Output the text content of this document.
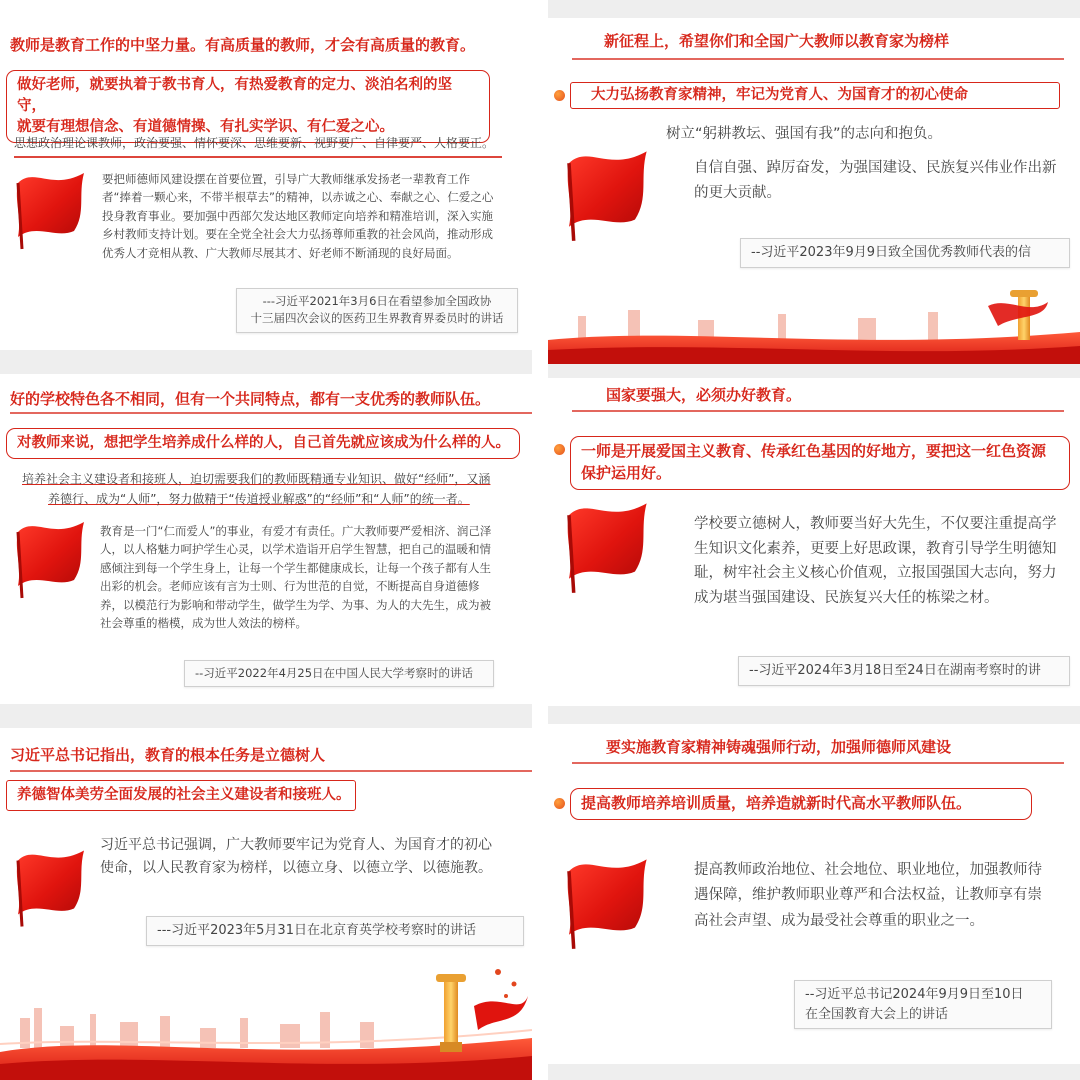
教师是教育工作的中坚力量。有高质量的教师，才会有高质量的教育。
做好老师，就要执着于教书育人，有热爱教育的定力、淡泊名利的坚守，
就要有理想信念、有道德情操、有扎实学识、有仁爱之心。
思想政治理论课教师，政治要强、情怀要深、思维要新、视野要广、自律要严、人格要正。
要把师德师风建设摆在首要位置，引导广大教师继承发扬老一辈教育工作者“捧着一颗心来，不带半根草去”的精神，以赤诚之心、奉献之心、仁爱之心投身教育事业。要加强中西部欠发达地区教师定向培养和精准培训，深入实施乡村教师支持计划。要在全党全社会大力弘扬尊师重教的社会风尚，推动形成优秀人才竞相从教、广大教师尽展其才、好老师不断涌现的良好局面。
---习近平2021年3月6日在看望参加全国政协
十三届四次会议的医药卫生界教育界委员时的讲话
好的学校特色各不相同，但有一个共同特点，都有一支优秀的教师队伍。
对教师来说，想把学生培养成什么样的人，自己首先就应该成为什么样的人。
培养社会主义建设者和接班人，迫切需要我们的教师既精通专业知识、做好“经师”，又涵
养德行、成为“人师”，努力做精于“传道授业解惑”的“经师”和“人师”的统一者。
教育是一门“仁而爱人”的事业，有爱才有责任。广大教师要严爱相济、润己泽人，以人格魅力呵护学生心灵，以学术造诣开启学生智慧，把自己的温暖和情感倾注到每一个学生身上，让每一个学生都健康成长，让每一个孩子都有人生出彩的机会。老师应该有言为士则、行为世范的自觉，不断提高自身道德修养，以模范行为影响和带动学生，做学生为学、为事、为人的大先生，成为被社会尊重的楷模，成为世人效法的榜样。
--习近平2022年4月25日在中国人民大学考察时的讲话
习近平总书记指出，教育的根本任务是立德树人
养德智体美劳全面发展的社会主义建设者和接班人。
习近平总书记强调，广大教师要牢记为党育人、为国育才的初心使命，以人民教育家为榜样，以德立身、以德立学、以德施教。
---习近平2023年5月31日在北京育英学校考察时的讲话
新征程上，希望你们和全国广大教师以教育家为榜样
大力弘扬教育家精神，牢记为党育人、为国育才的初心使命
树立“躬耕教坛、强国有我”的志向和抱负。
自信自强、踔厉奋发，为强国建设、民族复兴伟业作出新的更大贡献。
--习近平2023年9月9日致全国优秀教师代表的信
国家要强大，必须办好教育。
一师是开展爱国主义教育、传承红色基因的好地方，要把这一红色资源保护运用好。
学校要立德树人，教师要当好大先生，不仅要注重提高学生知识文化素养，更要上好思政课，教育引导学生明德知耻，树牢社会主义核心价值观，立报国强国大志向，努力成为堪当强国建设、民族复兴大任的栋梁之材。
--习近平2024年3月18日至24日在湖南考察时的讲
要实施教育家精神铸魂强师行动，加强师德师风建设
提高教师培养培训质量，培养造就新时代高水平教师队伍。
提高教师政治地位、社会地位、职业地位，加强教师待遇保障，维护教师职业尊严和合法权益，让教师享有崇高社会声望、成为最受社会尊重的职业之一。
--习近平总书记2024年9月9日至10日
在全国教育大会上的讲话
